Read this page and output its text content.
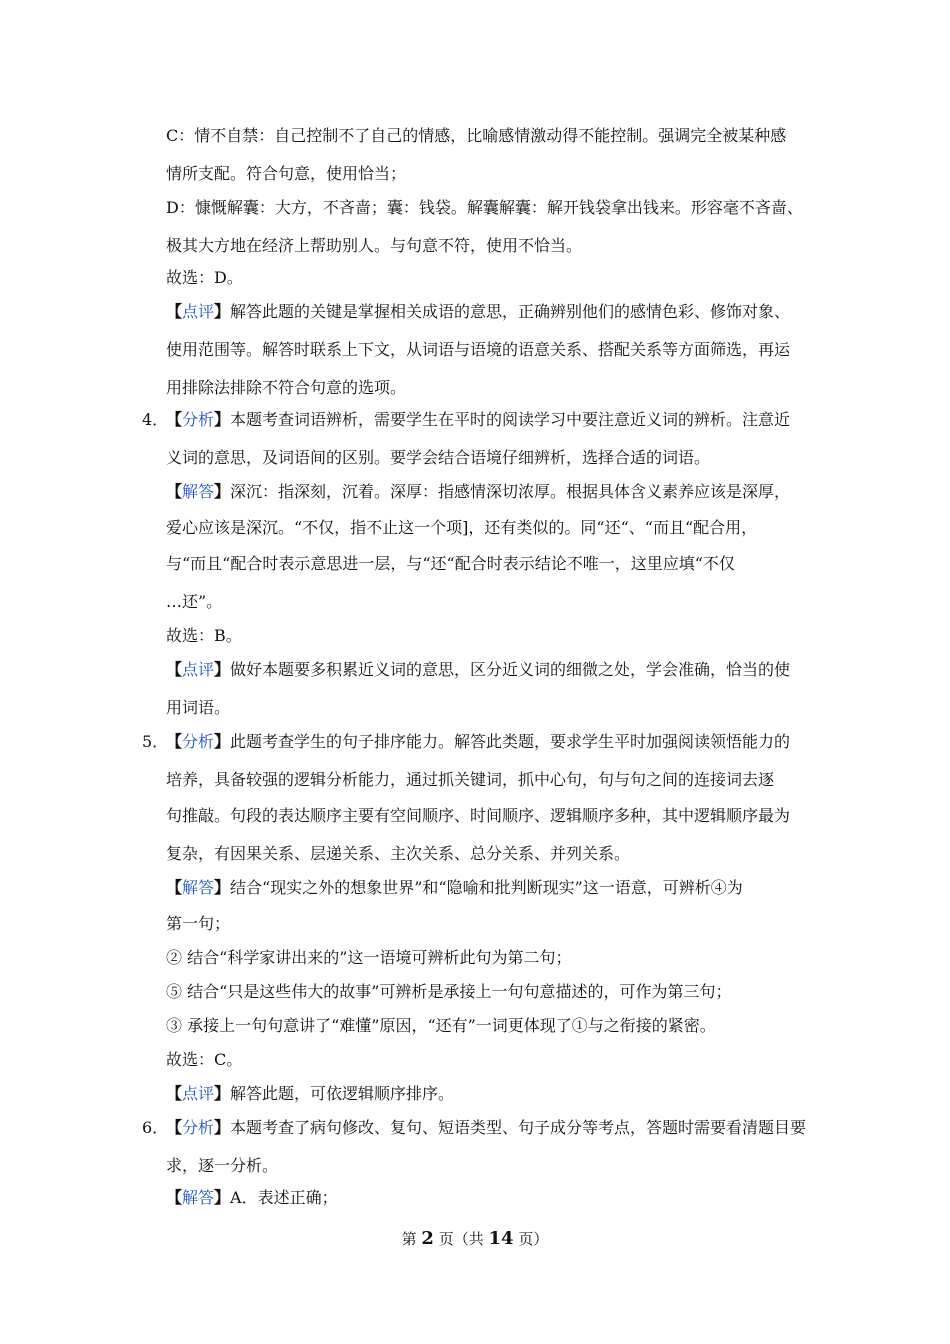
C：情不自禁：自己控制不了自己的情感，比喻感情激动得不能控制。强调完全被某种感
情所支配。符合句意，使用恰当；
D：慷慨解囊：大方，不吝啬；囊：钱袋。解囊解囊：解开钱袋拿出钱来。形容毫不吝啬、
极其大方地在经济上帮助别人。与句意不符，使用不恰当。
故选：D。
【点评】解答此题的关键是掌握相关成语的意思，正确辨别他们的感情色彩、修饰对象、
使用范围等。解答时联系上下文，从词语与语境的语意关系、搭配关系等方面筛选，再运
用排除法排除不符合句意的选项。
4．
【分析】本题考查词语辨析，需要学生在平时的阅读学习中要注意近义词的辨析。注意近
义词的意思，及词语间的区别。要学会结合语境仔细辨析，选择合适的词语。
【解答】深沉：指深刻，沉着。深厚：指感情深切浓厚。根据具体含义素养应该是深厚，
爱心应该是深沉。“不仅，指不止这一个项]，还有类似的。同“还“、“而且“配合用，
与“而且“配合时表示意思进一层，与“还“配合时表示结论不唯一，这里应填“不仅
…还”。
故选：B。
【点评】做好本题要多积累近义词的意思，区分近义词的细微之处，学会准确，恰当的使
用词语。
5．
【分析】此题考查学生的句子排序能力。解答此类题，要求学生平时加强阅读领悟能力的
培养，具备较强的逻辑分析能力，通过抓关键词，抓中心句，句与句之间的连接词去逐
句推敲。句段的表达顺序主要有空间顺序、时间顺序、逻辑顺序多种，其中逻辑顺序最为
复杂，有因果关系、层递关系、主次关系、总分关系、并列关系。
【解答】结合“现实之外的想象世界”和“隐喻和批判断现实”这一语意，可辨析④为
第一句；
② 结合“科学家讲出来的”这一语境可辨析此句为第二句；
⑤ 结合“只是这些伟大的故事”可辨析是承接上一句句意描述的，可作为第三句；
③ 承接上一句句意讲了“难懂”原因，“还有”一词更体现了①与之衔接的紧密。
故选：C。
【点评】解答此题，可依逻辑顺序排序。
6．
【分析】本题考查了病句修改、复句、短语类型、句子成分等考点，答题时需要看清题目要
求，逐一分析。
【解答】A．表述正确；
第 2 页（共 14 页）
